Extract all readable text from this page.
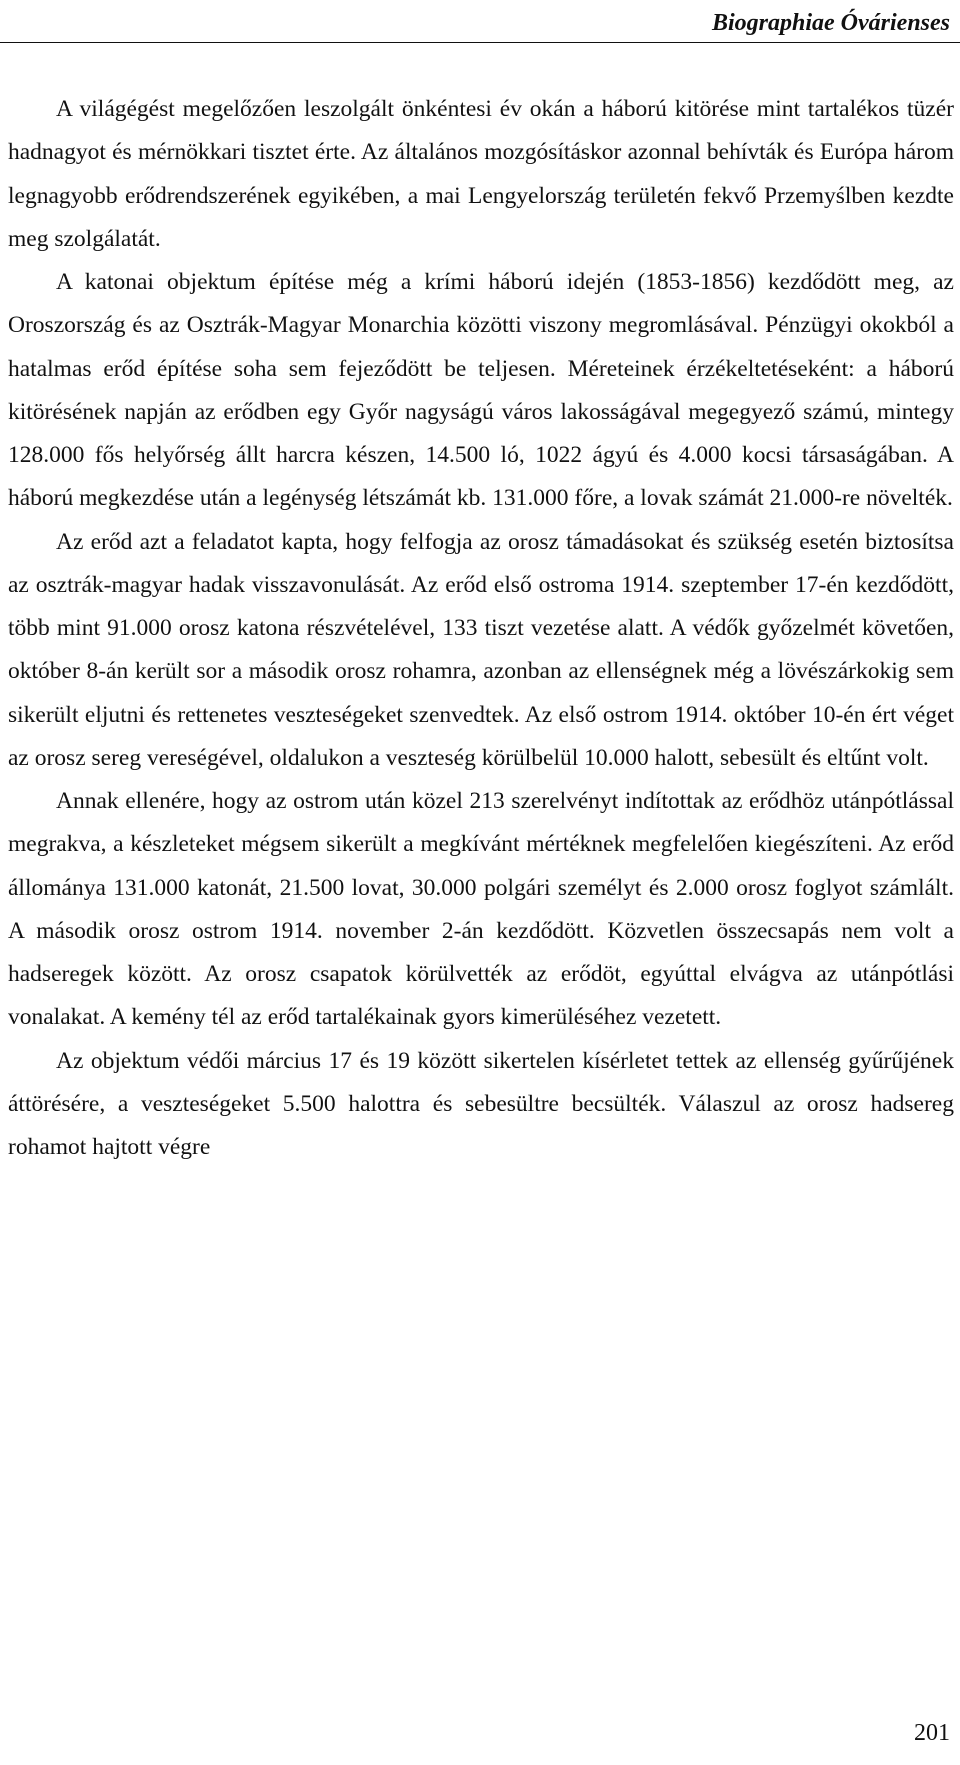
Biographiae Óvárienses

A világégést megelőzően leszolgált önkéntesi év okán a háború kitörése mint tartalékos tüzér hadnagyot és mérnökkari tisztet érte. Az általános mozgósításkor azonnal behívták és Európa három legnagyobb erődrendszerének egyikében, a mai Lengyelország területén fekvő Przemyślben kezdte meg szolgálatát.

A katonai objektum építése még a krími háború idején (1853-1856) kezdődött meg, az Oroszország és az Osztrák-Magyar Monarchia közötti viszony megromlásával. Pénzügyi okokból a hatalmas erőd építése soha sem fejeződött be teljesen. Méreteinek érzékeltetéseként: a háború kitörésének napján az erődben egy Győr nagyságú város lakosságával megegyező számú, mintegy 128.000 fős helyőrség állt harcra készen, 14.500 ló, 1022 ágyú és 4.000 kocsi társaságában. A háború megkezdése után a legénység létszámát kb. 131.000 főre, a lovak számát 21.000-re növelték.

Az erőd azt a feladatot kapta, hogy felfogja az orosz támadásokat és szükség esetén biztosítsa az osztrák-magyar hadak visszavonulását. Az erőd első ostroma 1914. szeptember 17-én kezdődött, több mint 91.000 orosz katona részvételével, 133 tiszt vezetése alatt. A védők győzelmét követően, október 8-án került sor a második orosz rohamra, azonban az ellenségnek még a lövészárkokig sem sikerült eljutni és rettenetes veszteségeket szenvedtek. Az első ostrom 1914. október 10-én ért véget az orosz sereg vereségével, oldalukon a veszteség körülbelül 10.000 halott, sebesült és eltűnt volt.

Annak ellenére, hogy az ostrom után közel 213 szerelvényt indítottak az erődhöz utánpótlással megrakva, a készleteket mégsem sikerült a megkívánt mértéknek megfelelően kiegészíteni. Az erőd állománya 131.000 katonát, 21.500 lovat, 30.000 polgári személyt és 2.000 orosz foglyot számlált. A második orosz ostrom 1914. november 2-án kezdődött. Közvetlen összecsapás nem volt a hadseregek között. Az orosz csapatok körülvették az erődöt, egyúttal elvágva az utánpótlási vonalakat. A kemény tél az erőd tartalékainak gyors kimerüléséhez vezetett.

Az objektum védői március 17 és 19 között sikertelen kísérletet tettek az ellenség gyűrűjének áttörésére, a veszteségeket 5.500 halottra és sebesültre becsülték. Válaszul az orosz hadsereg rohamot hajtott végre

201
